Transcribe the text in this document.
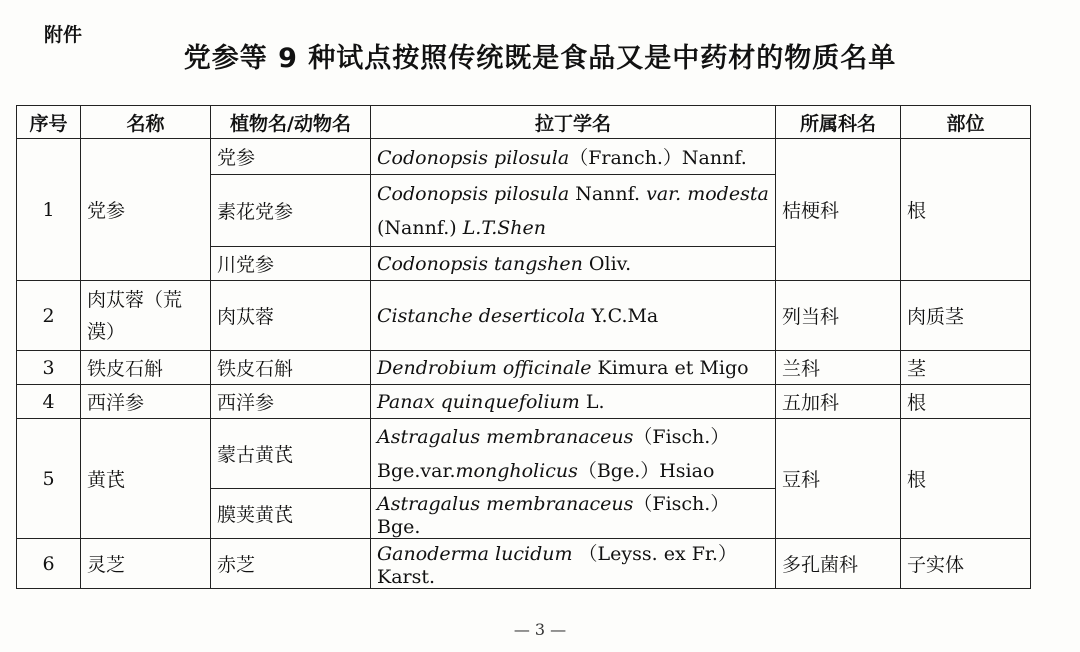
附件
党参等 9 种试点按照传统既是食品又是中药材的物质名单
序号	名称	植物名/动物名	拉丁学名	所属科名	部位
1	党参	党参	Codonopsis pilosula（Franch.）Nannf.	桔梗科	根
		素花党参	Codonopsis pilosula Nannf. var. modesta
(Nannf.) L.T.Shen		
		川党参	Codonopsis tangshen Oliv.		
2	肉苁蓉（荒漠）	肉苁蓉	Cistanche deserticola Y.C.Ma	列当科	肉质茎
3	铁皮石斛	铁皮石斛	Dendrobium officinale Kimura et Migo	兰科	茎
4	西洋参	西洋参	Panax quinquefolium L.	五加科	根
5	黄芪	蒙古黄芪	Astragalus membranaceus（Fisch.）
Bge.var.mongholicus（Bge.）Hsiao	豆科	根
		膜荚黄芪	Astragalus membranaceus（Fisch.）Bge.		
6	灵芝	赤芝	Ganoderma lucidum （Leyss. ex Fr.）Karst.	多孔菌科	子实体
— 3 —
